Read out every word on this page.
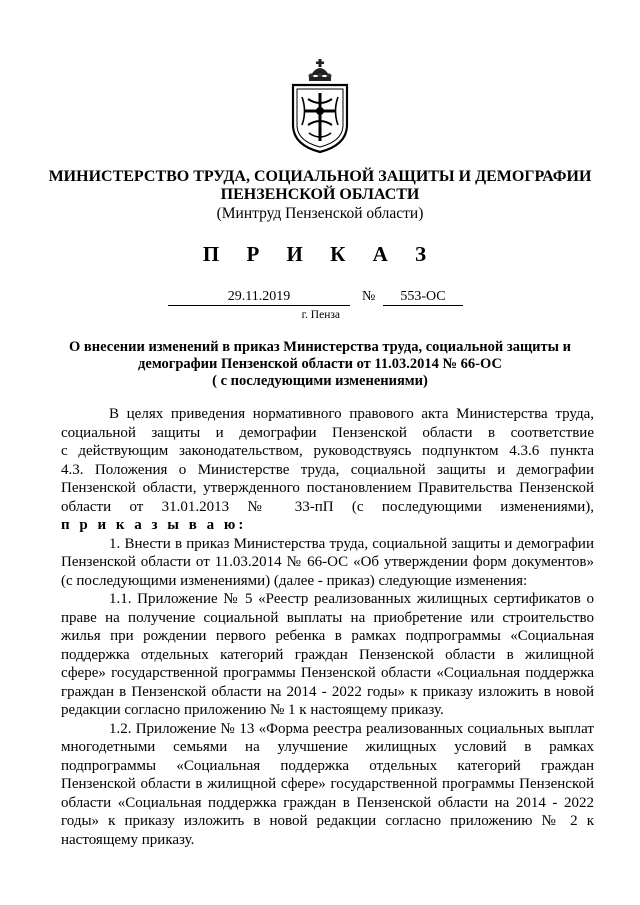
МИНИСТЕРСТВО ТРУДА, СОЦИАЛЬНОЙ ЗАЩИТЫ И ДЕМОГРАФИИ
ПЕНЗЕНСКОЙ ОБЛАСТИ
(Минтруд Пензенской области)
П Р И К А З
29.11.2019	№	553-ОС
г. Пенза
О внесении изменений в приказ Министерства труда, социальной защиты и
демографии Пензенской области от 11.03.2014 № 66-ОС
( с последующими изменениями)
В целях приведения нормативного правового акта Министерства труда,
социальной защиты и демографии Пензенской области в соответствие
с действующим законодательством, руководствуясь подпунктом 4.3.6 пункта
4.3. Положения о Министерстве труда, социальной защиты и демографии
Пензенской области, утвержденного постановлением Правительства Пензенской
области от 31.01.2013 № 33-пП (с последующими изменениями),
п р и к а з ы в а ю:
1. Внести в приказ Министерства труда, социальной защиты и демографии
Пензенской области от 11.03.2014 № 66-ОС «Об утверждении форм документов»
(с последующими изменениями) (далее - приказ) следующие изменения:
1.1. Приложение № 5 «Реестр реализованных жилищных сертификатов о
праве на получение социальной выплаты на приобретение или строительство
жилья при рождении первого ребенка в рамках подпрограммы «Социальная
поддержка отдельных категорий граждан Пензенской области в жилищной
сфере» государственной программы Пензенской области «Социальная поддержка
граждан в Пензенской области на 2014 - 2022 годы» к приказу изложить в новой
редакции согласно приложению № 1 к настоящему приказу.
1.2. Приложение № 13 «Форма реестра реализованных социальных выплат
многодетными семьями на улучшение жилищных условий в рамках
подпрограммы «Социальная поддержка отдельных категорий граждан
Пензенской области в жилищной сфере» государственной программы Пензенской
области «Социальная поддержка граждан в Пензенской области на 2014 - 2022
годы» к приказу изложить в новой редакции согласно приложению № 2 к
настоящему приказу.
